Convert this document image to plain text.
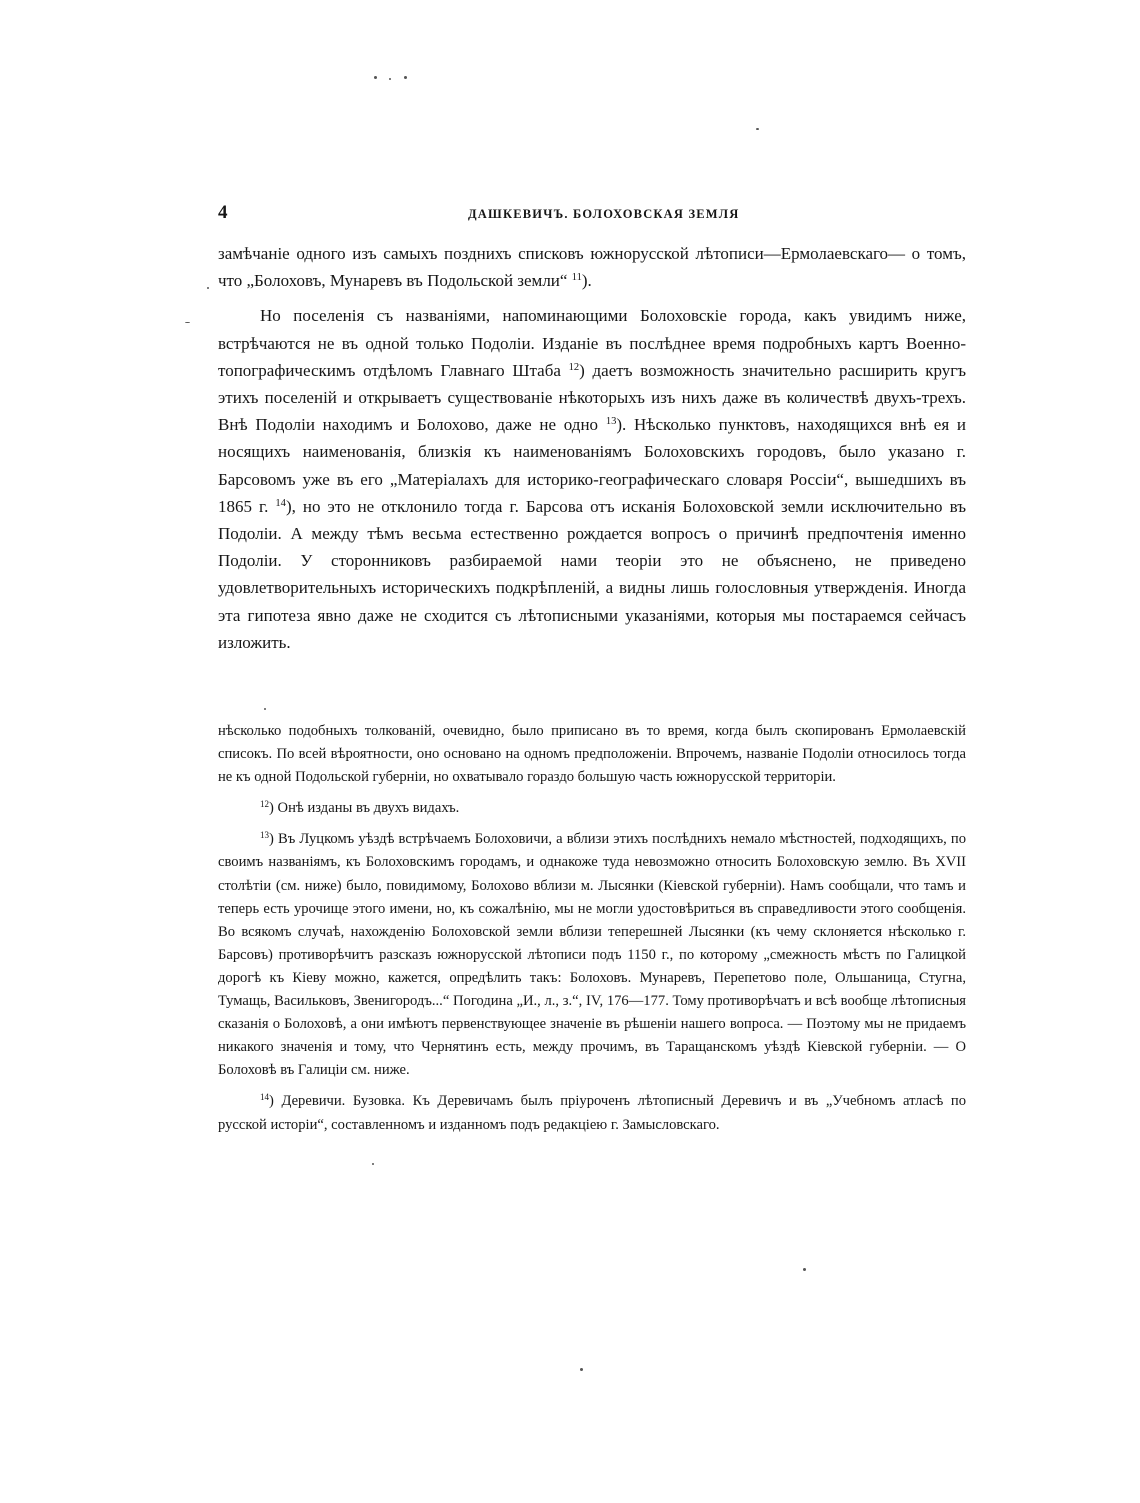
4	ДАШКЕВИЧЪ. БОЛОХОВСКАЯ ЗЕМЛЯ

замѣчаніе одного изъ самыхъ позднихъ списковъ южнорусской лѣтописи—Ермолаевскаго— о томъ, что „Болоховъ, Мунаревъ въ Подольской земли“ $^{11}$).

Но поселенія съ названіями, напоминающими Болоховскіе города, какъ увидимъ ниже, встрѣчаются не въ одной только Подоліи. Изданіе въ послѣднее время подробныхъ картъ Военно-топографическимъ отдѣломъ Главнаго Штаба $^{12}$) даетъ возможность значительно расширить кругъ этихъ поселеній и открываетъ существованіе нѣкоторыхъ изъ нихъ даже въ количествѣ двухъ-трехъ. Внѣ Подоліи находимъ и Болохово, даже не одно $^{13}$). Нѣсколько пунктовъ, находящихся внѣ ея и носящихъ наименованія, близкія къ наименованіямъ Болоховскихъ городовъ, было указано г. Барсовомъ уже въ его „Матеріалахъ для историко-географическаго словаря Россіи“, вышедшихъ въ 1865 г. $^{14}$), но это не отклонило тогда г. Барсова отъ исканія Болоховской земли исключительно въ Подоліи. А между тѣмъ весьма естественно рождается вопросъ о причинѣ предпочтенія именно Подоліи. У сторонниковъ разбираемой нами теоріи это не объяснено, не приведено удовлетворительныхъ историческихъ подкрѣпленій, а видны лишь голословныя утвержденія. Иногда эта гипотеза явно даже не сходится съ лѣтописными указаніями, которыя мы постараемся сейчасъ изложить.

нѣсколько подобныхъ толкованій, очевидно, было приписано въ то время, когда былъ скопированъ Ермолаевскій списокъ. По всей вѣроятности, оно основано на одномъ предположеніи. Впрочемъ, названіе Подоліи относилось тогда не къ одной Подольской губерніи, но охватывало гораздо большую часть южнорусской территоріи.

$^{12}$) Онѣ изданы въ двухъ видахъ.

$^{13}$) Въ Луцкомъ уѣздѣ встрѣчаемъ Болоховичи, а вблизи этихъ послѣднихъ немало мѣстностей, подходящихъ, по своимъ названіямъ, къ Болоховскимъ городамъ, и однакоже туда невозможно относить Болоховскую землю. Въ XVII столѣтіи (см. ниже) было, повидимому, Болохово вблизи м. Лысянки (Кіевской губерніи). Намъ сообщали, что тамъ и теперь есть урочище этого имени, но, къ сожалѣнію, мы не могли удостовѣриться въ справедливости этого сообщенія. Во всякомъ случаѣ, нахожденію Болоховской земли вблизи теперешней Лысянки (къ чему склоняется нѣсколько г. Барсовъ) противорѣчитъ разсказъ южнорусской лѣтописи подъ 1150 г., по которому „смежность мѣстъ по Галицкой дорогѣ къ Кіеву можно, кажется, опредѣлить такъ: Болоховъ. Мунаревъ, Перепетово поле, Ольшаница, Стугна, Тумащь, Васильковъ, Звенигородъ...“ Погодина „И., л., з.“, IV, 176—177. Тому противорѣчатъ и всѣ вообще лѣтописныя сказанія о Болоховѣ, а они имѣютъ первенствующее значеніе въ рѣшеніи нашего вопроса. — Поэтому мы не придаемъ никакого значенія и тому, что Чернятинъ есть, между прочимъ, въ Таращанскомъ уѣздѣ Кіевской губерніи. — О Болоховѣ въ Галиціи см. ниже.

$^{14}$) Деревичи. Бузовка. Къ Деревичамъ былъ пріуроченъ лѣтописный Деревичъ и въ „Учебномъ атласѣ по русской исторіи“, составленномъ и изданномъ подъ редакціею г. Замысловскаго.
